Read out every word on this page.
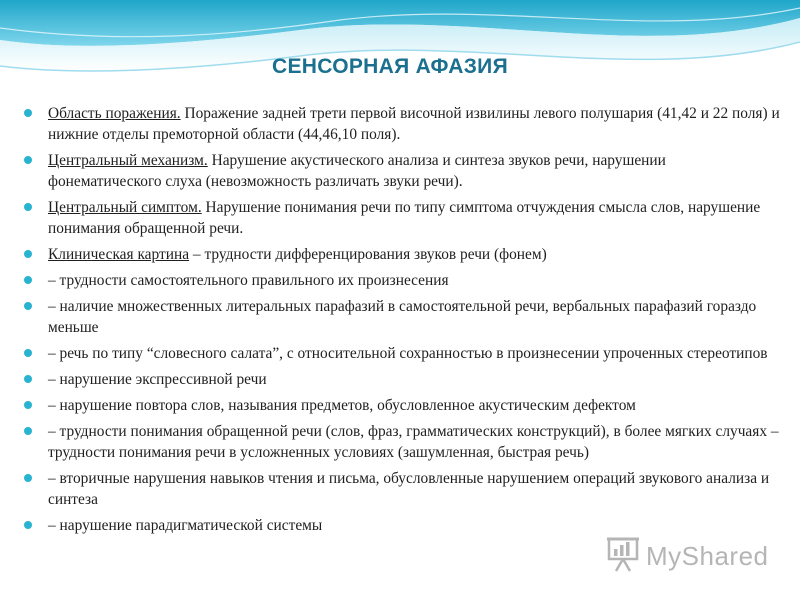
СЕНСОРНАЯ АФАЗИЯ
Область поражения. Поражение задней трети первой височной извилины левого полушария (41,42 и 22 поля) и нижние отделы премоторной области (44,46,10 поля).
Центральный механизм. Нарушение акустического анализа и синтеза звуков речи, нарушении фонематического слуха (невозможность различать звуки речи).
Центральный симптом. Нарушение понимания речи по типу симптома отчуждения смысла слов, нарушение понимания обращенной речи.
Клиническая картина – трудности дифференцирования звуков речи (фонем)
– трудности самостоятельного правильного их произнесения
– наличие множественных литеральных парафазий в самостоятельной речи, вербальных парафазий гораздо меньше
– речь по типу “словесного салата”, с относительной сохранностью в произнесении упроченных стереотипов
– нарушение экспрессивной речи
– нарушение повтора слов, называния предметов, обусловленное акустическим дефектом
– трудности понимания обращенной речи (слов, фраз, грамматических конструкций), в более мягких случаях – трудности понимания речи в усложненных условиях (зашумленная, быстрая речь)
– вторичные нарушения навыков чтения и письма, обусловленные нарушением операций звукового анализа и синтеза
– нарушение парадигматической системы
MyShared
